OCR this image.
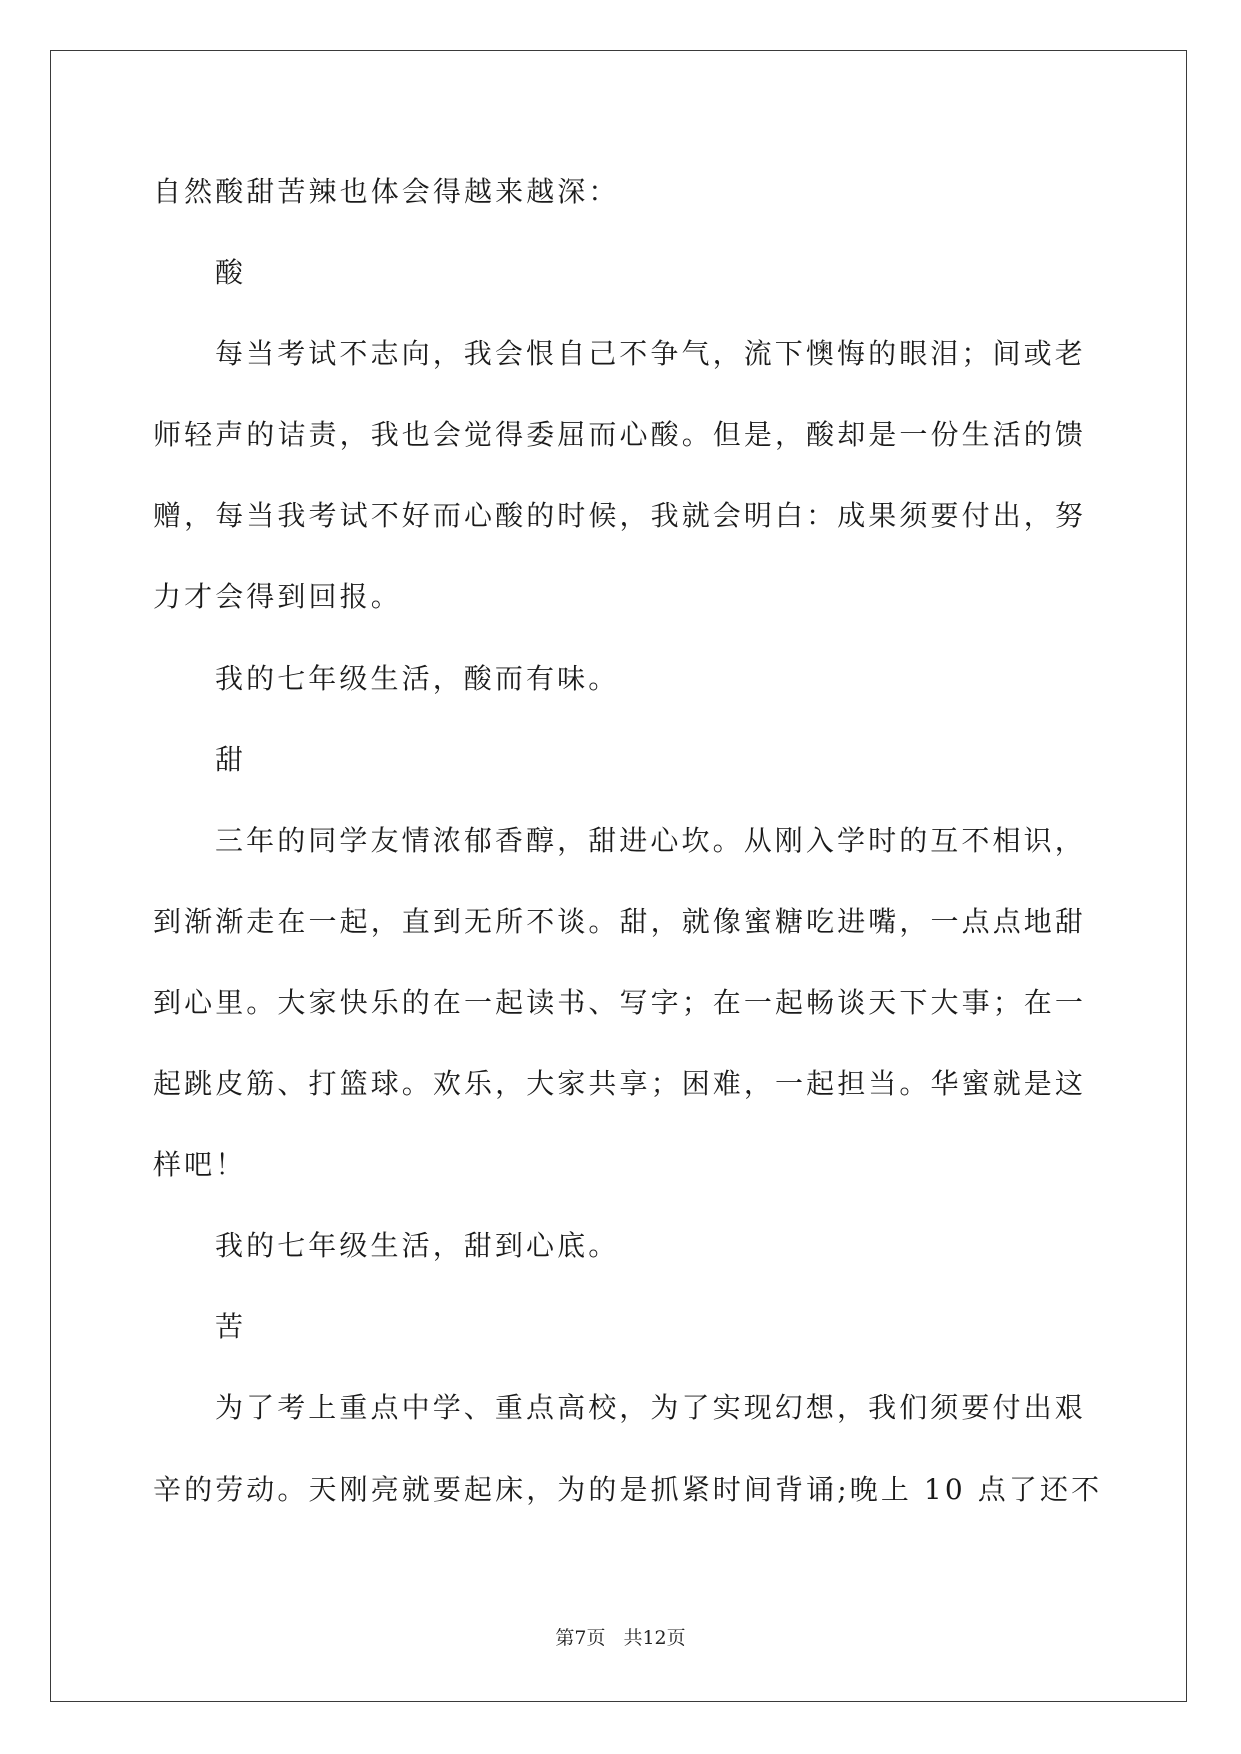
自然酸甜苦辣也体会得越来越深：
酸
每当考试不志向，我会恨自己不争气，流下懊悔的眼泪；间或老
师轻声的诘责，我也会觉得委屈而心酸。但是，酸却是一份生活的馈
赠，每当我考试不好而心酸的时候，我就会明白：成果须要付出，努
力才会得到回报。
我的七年级生活，酸而有味。
甜
三年的同学友情浓郁香醇，甜进心坎。从刚入学时的互不相识，
到渐渐走在一起，直到无所不谈。甜，就像蜜糖吃进嘴，一点点地甜
到心里。大家快乐的在一起读书、写字；在一起畅谈天下大事；在一
起跳皮筋、打篮球。欢乐，大家共享；困难，一起担当。华蜜就是这
样吧！
我的七年级生活，甜到心底。
苦
为了考上重点中学、重点高校，为了实现幻想，我们须要付出艰
辛的劳动。天刚亮就要起床，为的是抓紧时间背诵;晚上 10 点了还不
第7页 共12页
